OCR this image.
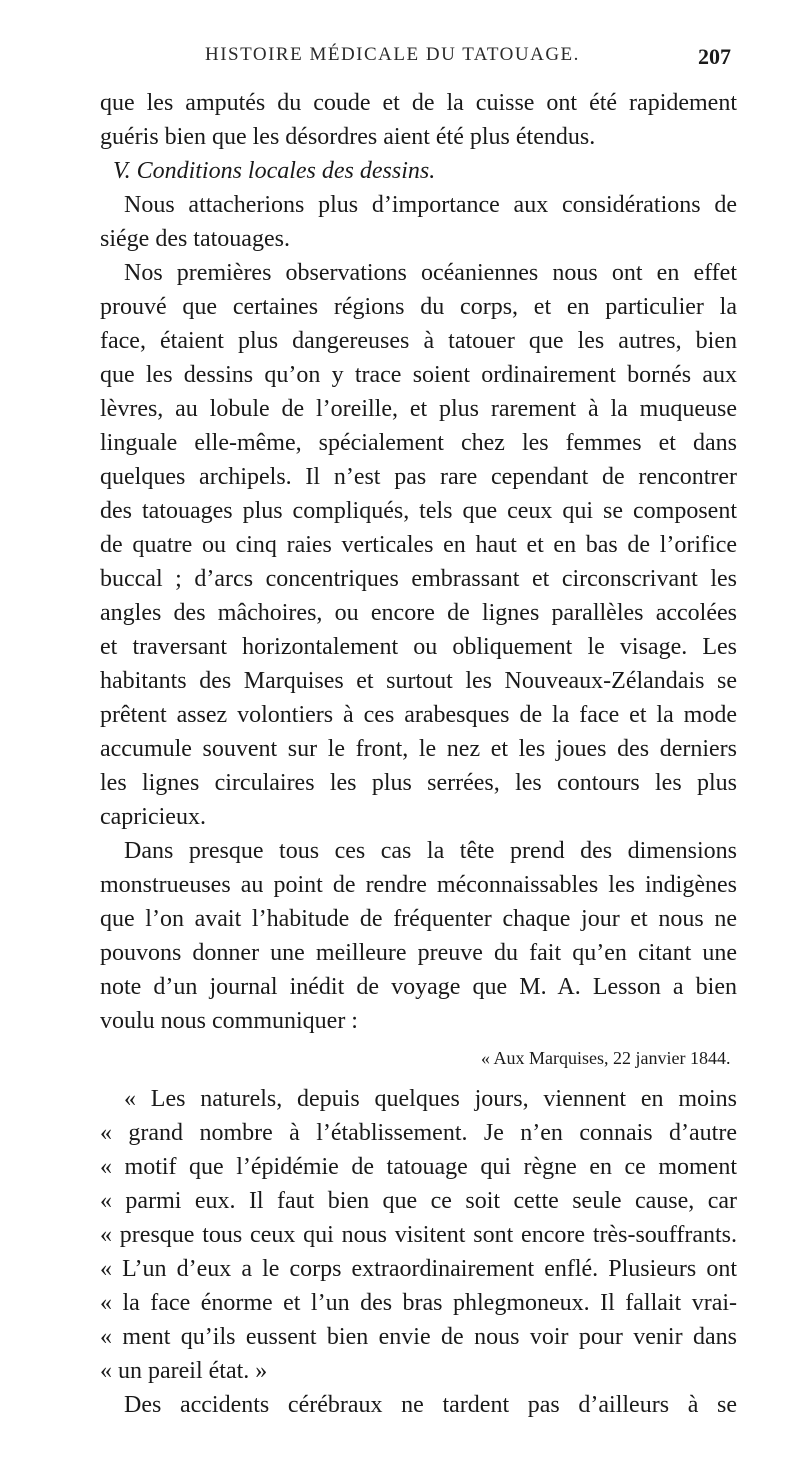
HISTOIRE MÉDICALE DU TATOUAGE.	207
que les amputés du coude et de la cuisse ont été rapidement
guéris bien que les désordres aient été plus étendus.
V. Conditions locales des dessins.
Nous attacherions plus d’importance aux considérations de
siége des tatouages.
Nos premières observations océaniennes nous ont en effet
prouvé que certaines régions du corps, et en particulier la
face, étaient plus dangereuses à tatouer que les autres, bien
que les dessins qu’on y trace soient ordinairement bornés aux
lèvres, au lobule de l’oreille, et plus rarement à la muqueuse
linguale elle-même, spécialement chez les femmes et dans
quelques archipels. Il n’est pas rare cependant de rencontrer
des tatouages plus compliqués, tels que ceux qui se composent
de quatre ou cinq raies verticales en haut et en bas de l’orifice
buccal ; d’arcs concentriques embrassant et circonscrivant les
angles des mâchoires, ou encore de lignes parallèles accolées
et traversant horizontalement ou obliquement le visage. Les
habitants des Marquises et surtout les Nouveaux-Zélandais se
prêtent assez volontiers à ces arabesques de la face et la mode
accumule souvent sur le front, le nez et les joues des derniers
les lignes circulaires les plus serrées, les contours les plus
capricieux.
Dans presque tous ces cas la tête prend des dimensions
monstrueuses au point de rendre méconnaissables les indigènes
que l’on avait l’habitude de fréquenter chaque jour et nous ne
pouvons donner une meilleure preuve du fait qu’en citant une
note d’un journal inédit de voyage que M. A. Lesson a bien
voulu nous communiquer :
« Aux Marquises, 22 janvier 1844.
« Les naturels, depuis quelques jours, viennent en moins
« grand nombre à l’établissement. Je n’en connais d’autre
« motif que l’épidémie de tatouage qui règne en ce moment
« parmi eux. Il faut bien que ce soit cette seule cause, car
« presque tous ceux qui nous visitent sont encore très-souffrants.
« L’un d’eux a le corps extraordinairement enflé. Plusieurs ont
« la face énorme et l’un des bras phlegmoneux. Il fallait vrai-
« ment qu’ils eussent bien envie de nous voir pour venir dans
« un pareil état. »
Des accidents cérébraux ne tardent pas d’ailleurs à se
